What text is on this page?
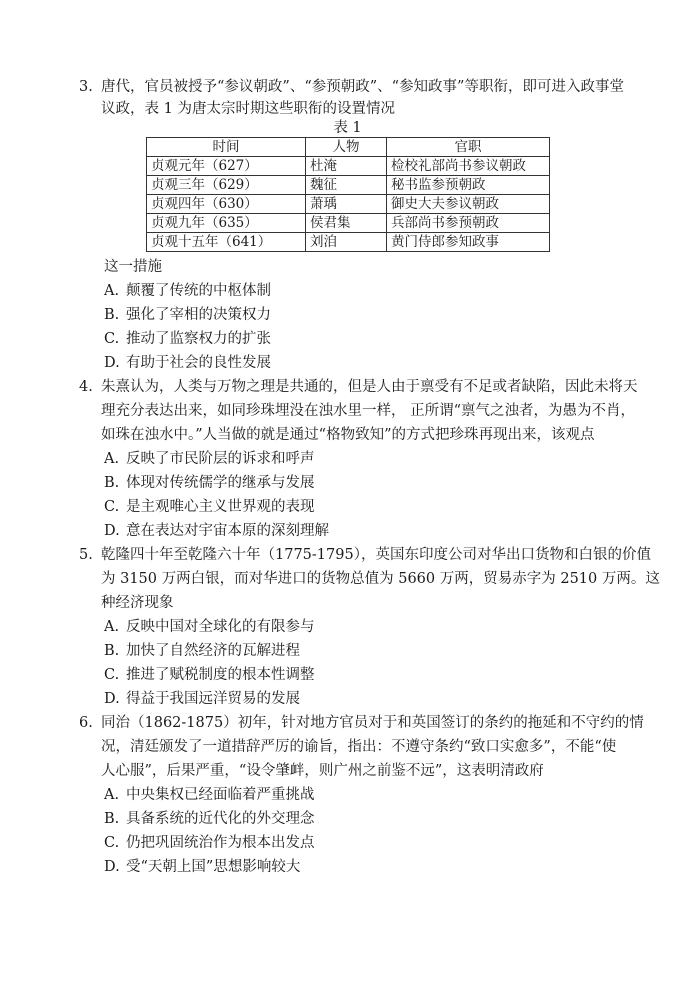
3. 唐代，官员被授予“参议朝政”、“参预朝政”、“参知政事”等职衔，即可进入政事堂
议政，表 1 为唐太宗时期这些职衔的设置情况
表 1
时间	人物	官职
贞观元年（627）	杜淹	检校礼部尚书参议朝政
贞观三年（629）	魏征	秘书监参预朝政
贞观四年（630）	萧瑀	御史大夫参议朝政
贞观九年（635）	侯君集	兵部尚书参预朝政
贞观十五年（641）	刘洎	黄门侍郎参知政事
这一措施
A. 颠覆了传统的中枢体制
B. 强化了宰相的决策权力
C. 推动了监察权力的扩张
D. 有助于社会的良性发展
4. 朱熹认为，人类与万物之理是共通的，但是人由于禀受有不足或者缺陷，因此未将天
理充分表达出来，如同珍珠埋没在浊水里一样， 正所谓“禀气之浊者，为愚为不肖，
如珠在浊水中。”人当做的就是通过“格物致知”的方式把珍珠再现出来，该观点
A. 反映了市民阶层的诉求和呼声
B. 体现对传统儒学的继承与发展
C. 是主观唯心主义世界观的表现
D. 意在表达对宇宙本原的深刻理解
5. 乾隆四十年至乾隆六十年（1775-1795），英国东印度公司对华出口货物和白银的价值
为 3150 万两白银，而对华进口的货物总值为 5660 万两，贸易赤字为 2510 万两。这
种经济现象
A. 反映中国对全球化的有限参与
B. 加快了自然经济的瓦解进程
C. 推进了赋税制度的根本性调整
D. 得益于我国远洋贸易的发展
6. 同治（1862-1875）初年，针对地方官员对于和英国签订的条约的拖延和不守约的情
况，清廷颁发了一道措辞严厉的谕旨，指出：不遵守条约“致口实愈多”，不能“使
人心服”，后果严重，“设令肇衅，则广州之前鉴不远”，这表明清政府
A. 中央集权已经面临着严重挑战
B. 具备系统的近代化的外交理念
C. 仍把巩固统治作为根本出发点
D. 受“天朝上国”思想影响较大
